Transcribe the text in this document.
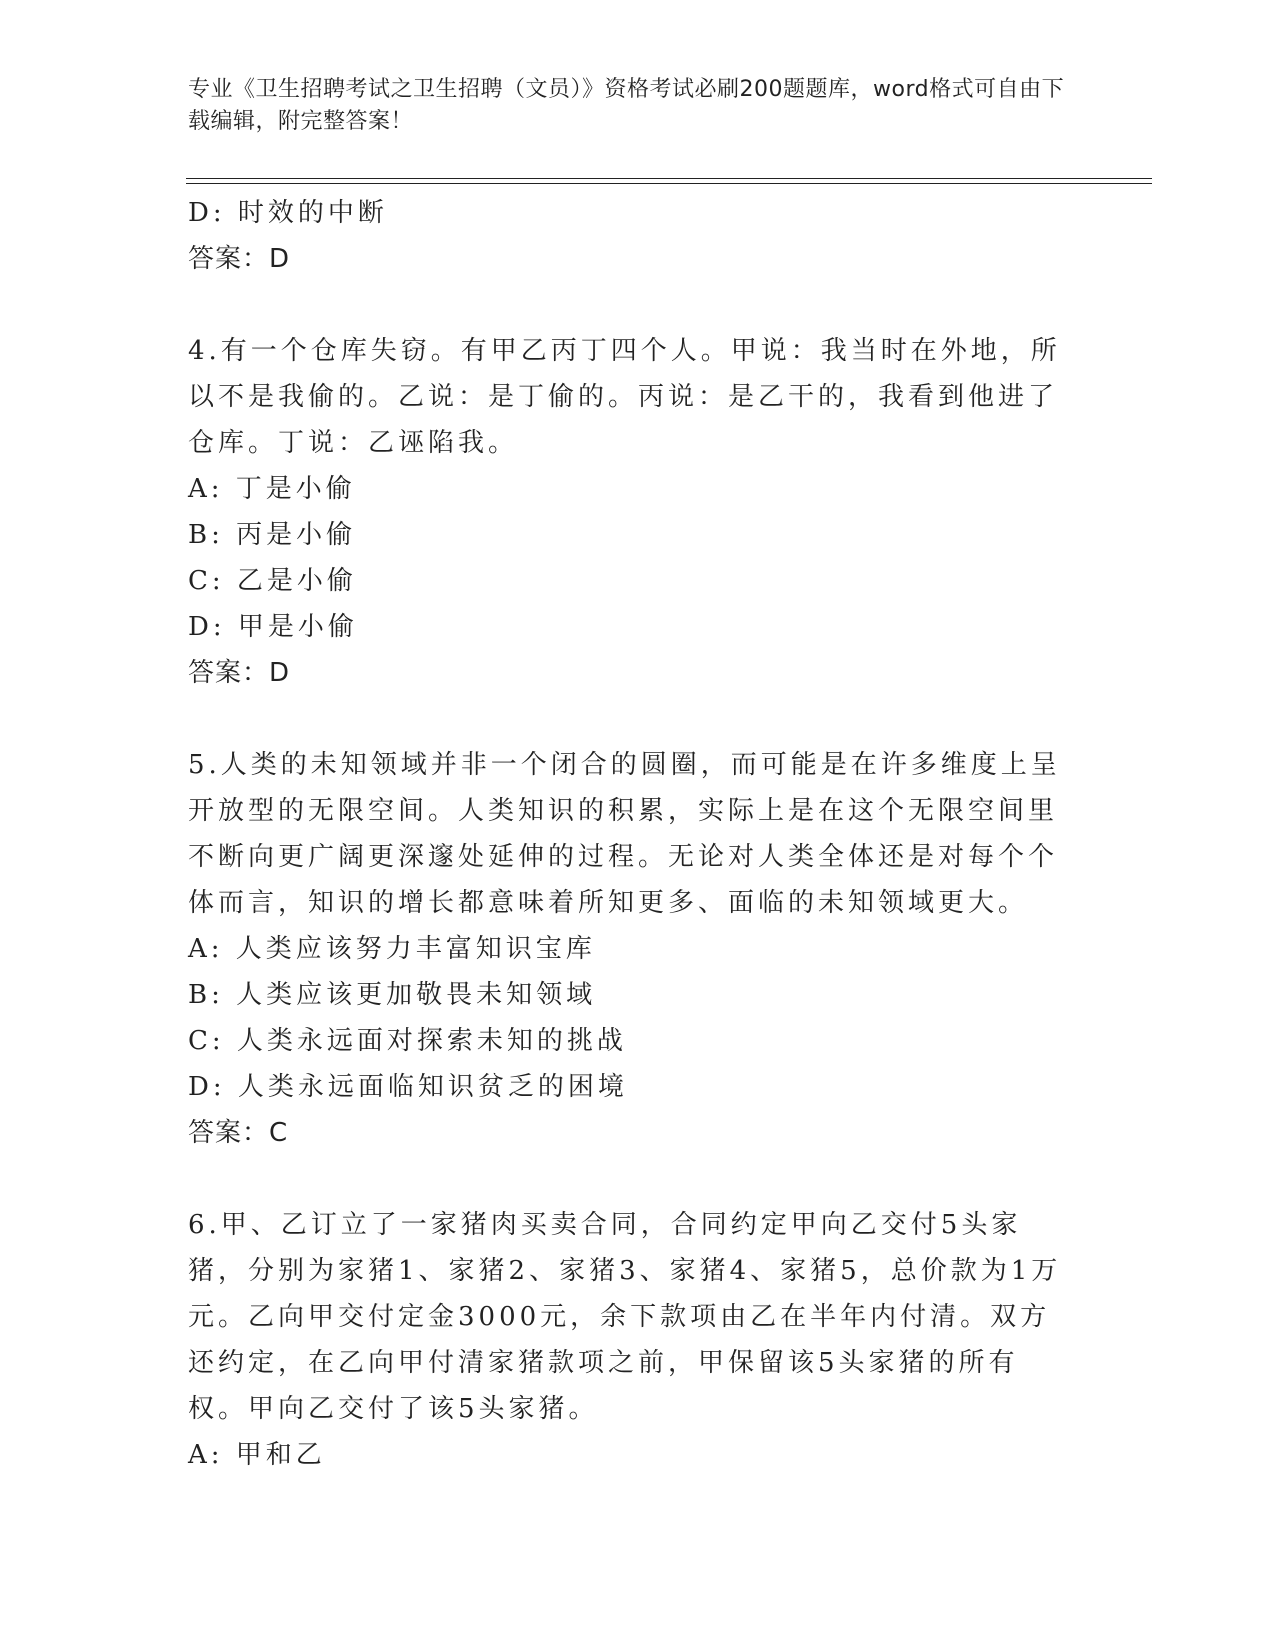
专业《卫生招聘考试之卫生招聘（文员）》资格考试必刷200题题库，word格式可自由下载编辑，附完整答案！
D: 时效的中断
答案：D
4.有一个仓库失窃。有甲乙丙丁四个人。甲说：我当时在外地，所以不是我偷的。乙说：是丁偷的。丙说：是乙干的，我看到他进了仓库。丁说：乙诬陷我。
A: 丁是小偷
B: 丙是小偷
C: 乙是小偷
D: 甲是小偷
答案：D
5.人类的未知领域并非一个闭合的圆圈，而可能是在许多维度上呈开放型的无限空间。人类知识的积累，实际上是在这个无限空间里不断向更广阔更深邃处延伸的过程。无论对人类全体还是对每个个体而言，知识的增长都意味着所知更多、面临的未知领域更大。
A: 人类应该努力丰富知识宝库
B: 人类应该更加敬畏未知领域
C: 人类永远面对探索未知的挑战
D: 人类永远面临知识贫乏的困境
答案：C
6.甲、乙订立了一家猪肉买卖合同，合同约定甲向乙交付5头家猪，分别为家猪1、家猪2、家猪3、家猪4、家猪5，总价款为1万元。乙向甲交付定金3000元，余下款项由乙在半年内付清。双方还约定，在乙向甲付清家猪款项之前，甲保留该5头家猪的所有权。甲向乙交付了该5头家猪。
A: 甲和乙
